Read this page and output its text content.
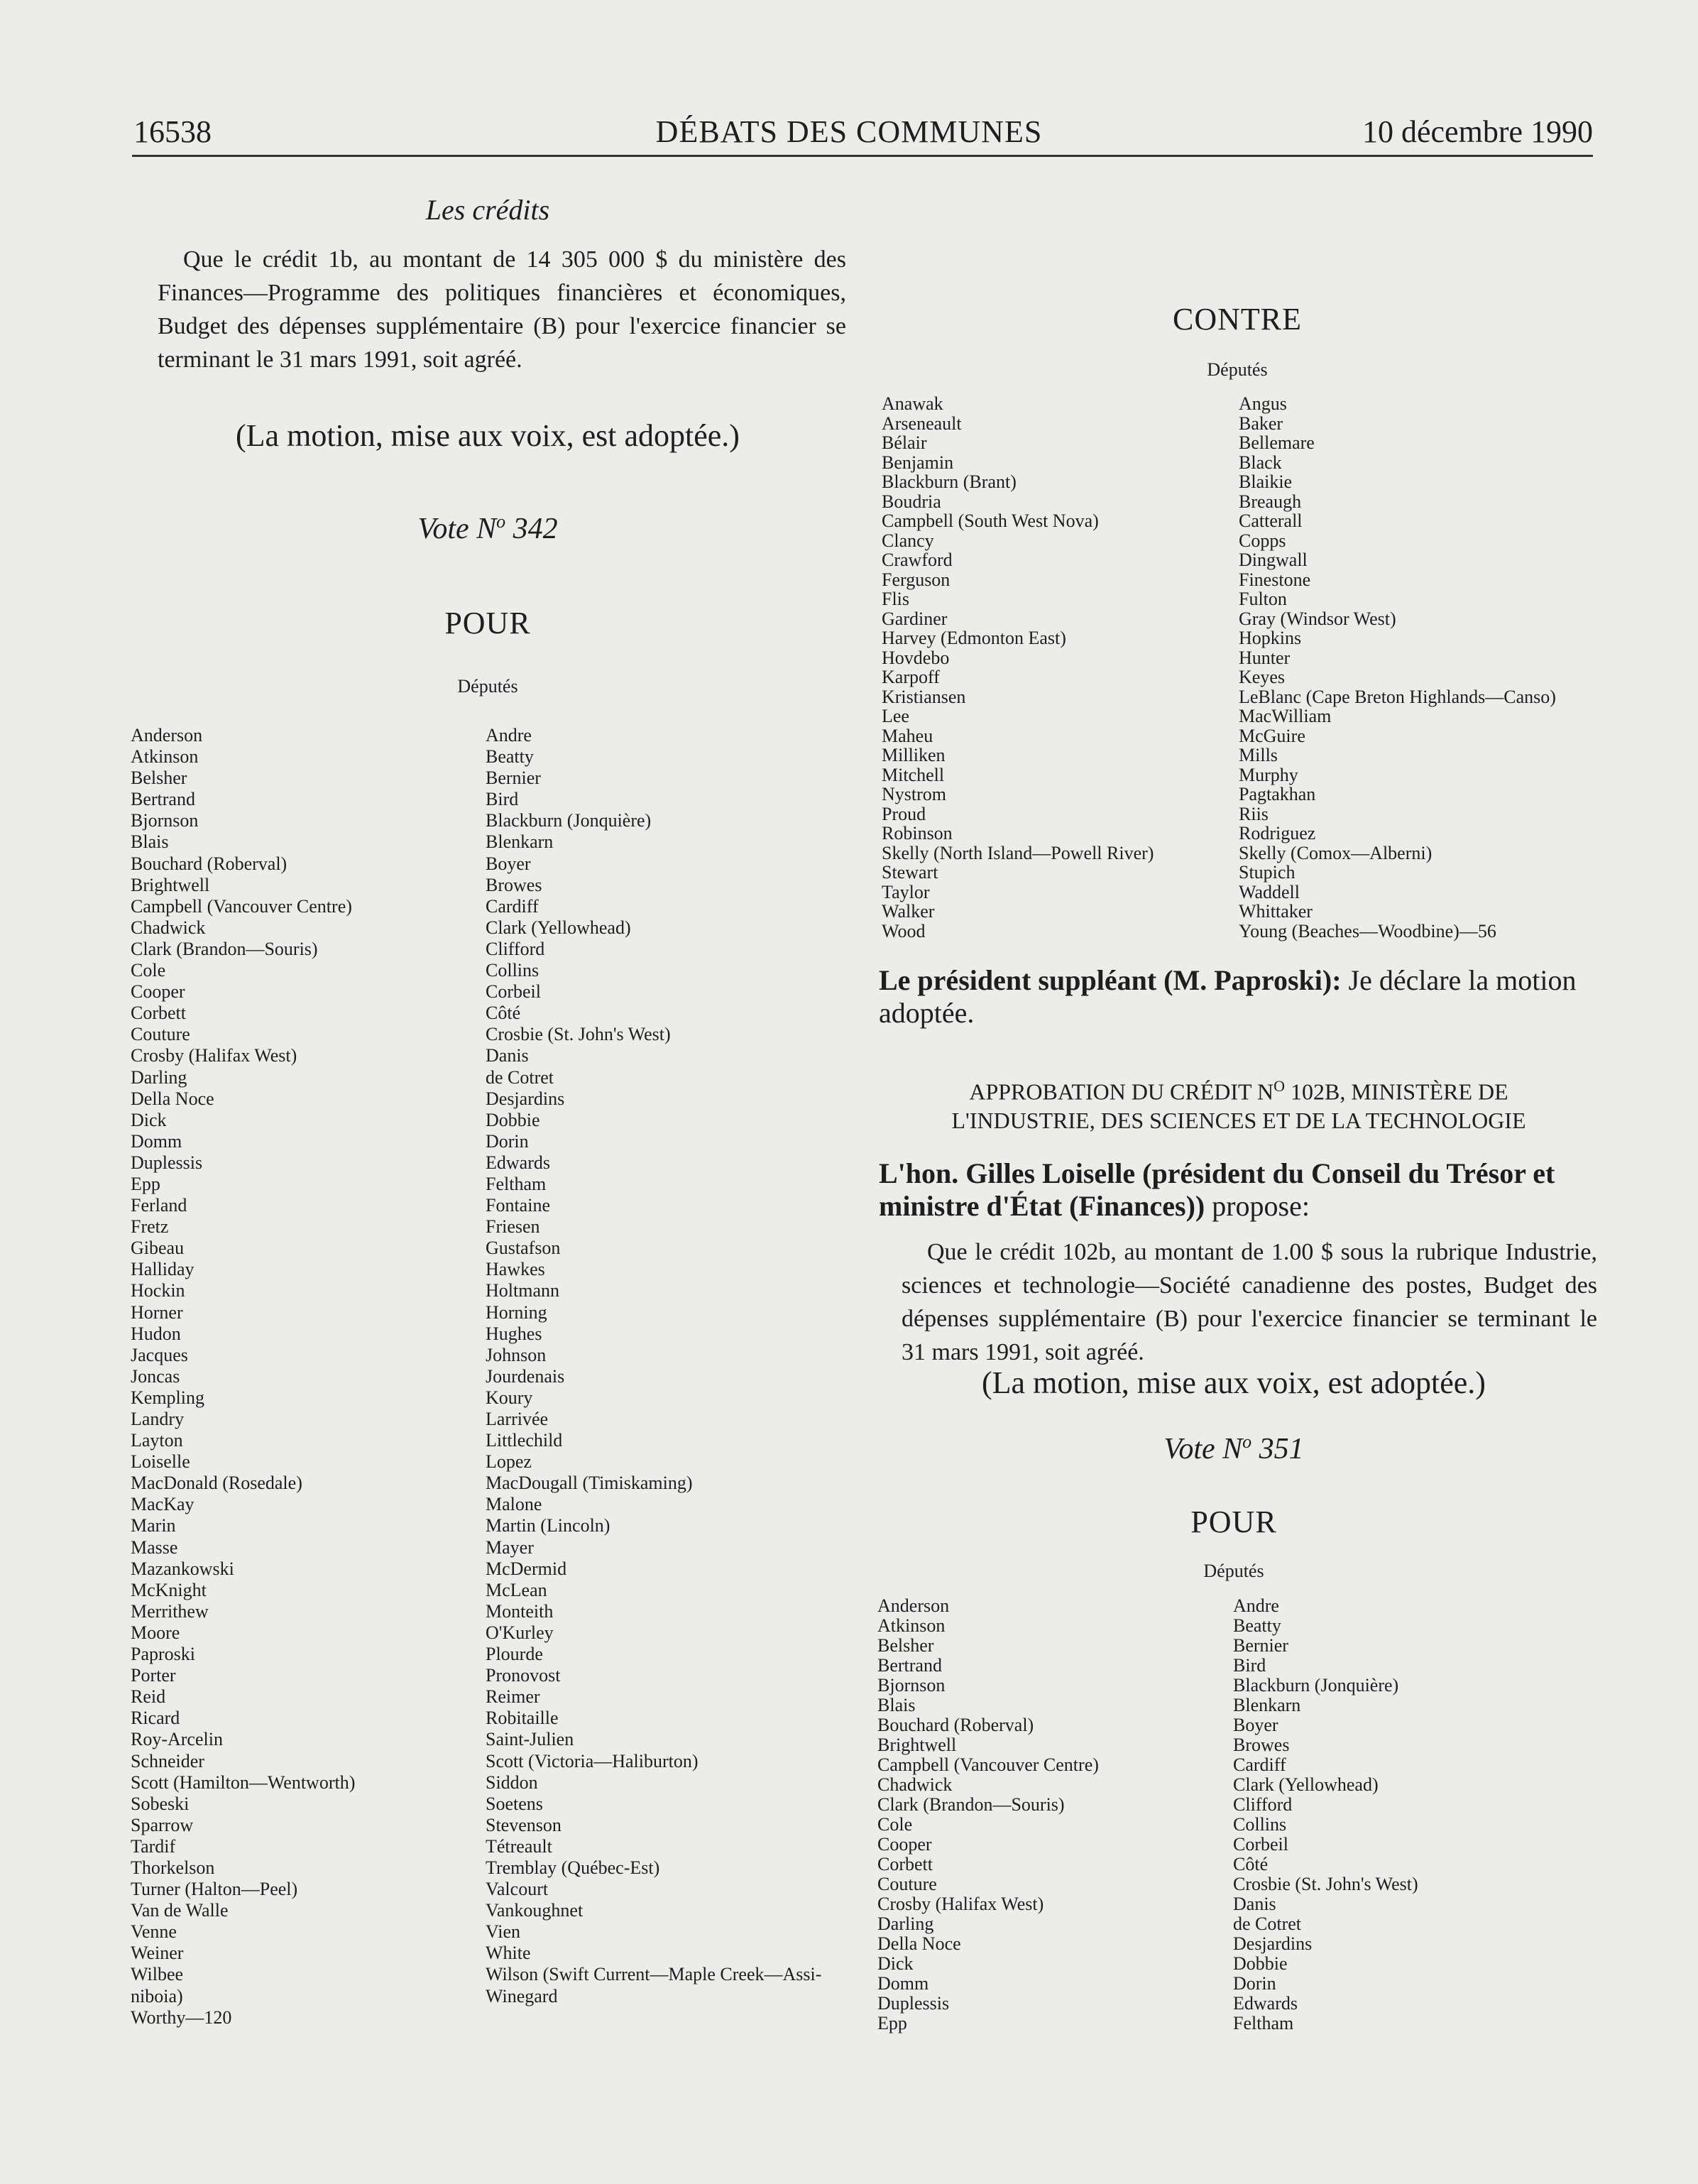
16538	DÉBATS DES COMMUNES	10 décembre 1990
Les crédits

Que le crédit 1b, au montant de 14 305 000 $ du ministère des Finances—Programme des politiques financières et économiques, Budget des dépenses supplémentaire (B) pour l'exercice financier se terminant le 31 mars 1991, soit agréé.

(La motion, mise aux voix, est adoptée.)
Vote $N^o$ 342
POUR
Députés
Anderson
Atkinson
Belsher
Bertrand
Bjornson
Blais
Bouchard (Roberval)
Brightwell
Campbell (Vancouver Centre)
Chadwick
Clark (Brandon—Souris)
Cole
Cooper
Corbett
Couture
Crosby (Halifax West)
Darling
Della Noce
Dick
Domm
Duplessis
Epp
Ferland
Fretz
Gibeau
Halliday
Hockin
Horner
Hudon
Jacques
Joncas
Kempling
Landry
Layton
Loiselle
MacDonald (Rosedale)
MacKay
Marin
Masse
Mazankowski
McKnight
Merrithew
Moore
Paproski
Porter
Reid
Ricard
Roy-Arcelin
Schneider
Scott (Hamilton—Wentworth)
Sobeski
Sparrow
Tardif
Thorkelson
Turner (Halton—Peel)
Van de Walle
Venne
Weiner
Wilbee
niboia)
Worthy—120
Andre
Beatty
Bernier
Bird
Blackburn (Jonquière)
Blenkarn
Boyer
Browes
Cardiff
Clark (Yellowhead)
Clifford
Collins
Corbeil
Côté
Crosbie (St. John's West)
Danis
de Cotret
Desjardins
Dobbie
Dorin
Edwards
Feltham
Fontaine
Friesen
Gustafson
Hawkes
Holtmann
Horning
Hughes
Johnson
Jourdenais
Koury
Larrivée
Littlechild
Lopez
MacDougall (Timiskaming)
Malone
Martin (Lincoln)
Mayer
McDermid
McLean
Monteith
O'Kurley
Plourde
Pronovost
Reimer
Robitaille
Saint-Julien
Scott (Victoria—Haliburton)
Siddon
Soetens
Stevenson
Tétreault
Tremblay (Québec-Est)
Valcourt
Vankoughnet
Vien
White
Wilson (Swift Current—Maple Creek—Assi-
Winegard
CONTRE
Députés
Anawak
Arseneault
Bélair
Benjamin
Blackburn (Brant)
Boudria
Campbell (South West Nova)
Clancy
Crawford
Ferguson
Flis
Gardiner
Harvey (Edmonton East)
Hovdebo
Karpoff
Kristiansen
Lee
Maheu
Milliken
Mitchell
Nystrom
Proud
Robinson
Skelly (North Island—Powell River)
Stewart
Taylor
Walker
Wood
Angus
Baker
Bellemare
Black
Blaikie
Breaugh
Catterall
Copps
Dingwall
Finestone
Fulton
Gray (Windsor West)
Hopkins
Hunter
Keyes
LeBlanc (Cape Breton Highlands—Canso)
MacWilliam
McGuire
Mills
Murphy
Pagtakhan
Riis
Rodriguez
Skelly (Comox—Alberni)
Stupich
Waddell
Whittaker
Young (Beaches—Woodbine)—56
Le président suppléant (M. Paproski): Je déclare la motion adoptée.
APPROBATION DU CRÉDIT $N^O$ 102B, MINISTÈRE DE
L'INDUSTRIE, DES SCIENCES ET DE LA TECHNOLOGIE
L'hon. Gilles Loiselle (président du Conseil du Trésor et ministre d'État (Finances)) propose:

Que le crédit 102b, au montant de 1.00 $ sous la rubrique Industrie, sciences et technologie—Société canadienne des postes, Budget des dépenses supplémentaire (B) pour l'exercice financier se terminant le 31 mars 1991, soit agréé.

(La motion, mise aux voix, est adoptée.)
Vote $N^o$ 351
POUR
Députés
Anderson
Atkinson
Belsher
Bertrand
Bjornson
Blais
Bouchard (Roberval)
Brightwell
Campbell (Vancouver Centre)
Chadwick
Clark (Brandon—Souris)
Cole
Cooper
Corbett
Couture
Crosby (Halifax West)
Darling
Della Noce
Dick
Domm
Duplessis
Epp
Andre
Beatty
Bernier
Bird
Blackburn (Jonquière)
Blenkarn
Boyer
Browes
Cardiff
Clark (Yellowhead)
Clifford
Collins
Corbeil
Côté
Crosbie (St. John's West)
Danis
de Cotret
Desjardins
Dobbie
Dorin
Edwards
Feltham
